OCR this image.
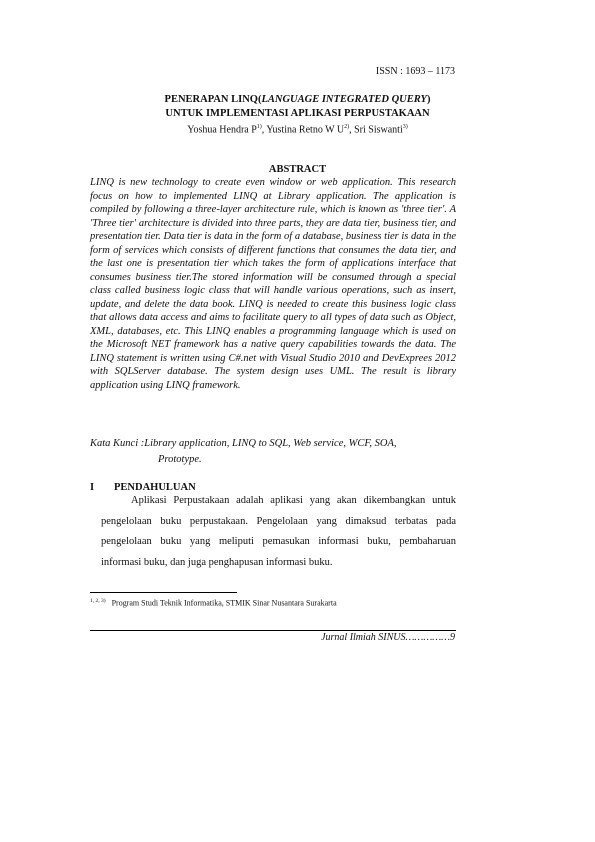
ISSN : 1693 – 1173
PENERAPAN LINQ(LANGUAGE INTEGRATED QUERY)
UNTUK IMPLEMENTASI APLIKASI PERPUSTAKAAN
Yoshua Hendra $P^{1)}$, Yustina Retno W $U^{2)}$, Sri Siswanti$^{3)}$
ABSTRACT

LINQ is new technology to create even window or web application. This research focus on how to implemented LINQ at Library application. The application is compiled by following a three-layer architecture rule, which is known as 'three tier'. A 'Three tier' architecture is divided into three parts, they are data tier, business tier, and presentation tier. Data tier is data in the form of a database, business tier is data in the form of services which consists of different functions that consumes the data tier, and the last one is presentation tier which takes the form of applications interface that consumes business tier.The stored information will be consumed through a special class called business logic class that will handle various operations, such as insert, update, and delete the data book. LINQ is needed to create this business logic class that allows data access and aims to facilitate query to all types of data such as Object, XML, databases, etc. This LINQ enables a programming language which is used on the Microsoft NET framework has a native query capabilities towards the data. The LINQ statement is written using C#.net with Visual Studio 2010 and DevExprees 2012 with SQLServer database. The system design uses UML. The result is library application using LINQ framework.

Kata Kunci :Library application, LINQ to SQL, Web service, WCF, SOA,
Prototype.
I PENDAHULUAN

Aplikasi Perpustakaan adalah aplikasi yang akan dikembangkan untuk pengelolaan buku perpustakaan. Pengelolaan yang dimaksud terbatas pada pengelolaan buku yang meliputi pemasukan informasi buku, pembaharuan informasi buku, dan juga penghapusan informasi buku.

$^{1, 2, 3)}$ Program Studi Teknik Informatika, STMIK Sinar Nusantara Surakarta
Jurnal Ilmiah SINUS……………9
